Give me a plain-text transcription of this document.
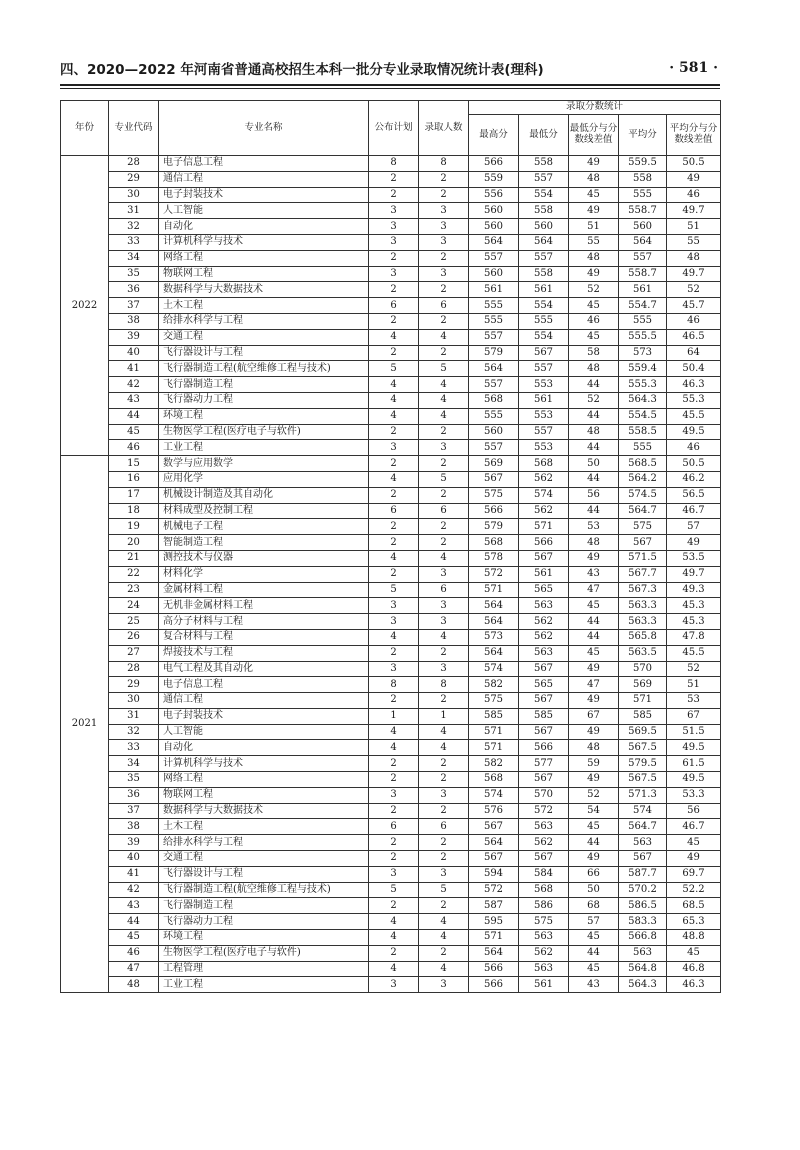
四、2020—2022 年河南省普通高校招生本科一批分专业录取情况统计表(理科)	· 581 ·
年份	专业代码	专业名称	公布计划	录取人数	录取分数统计				
					最高分	最低分	最低分与分数线差值	平均分	平均分与分数线差值
2022	28	电子信息工程	8	8	566	558	49	559.5	50.5
	29	通信工程	2	2	559	557	48	558	49
	30	电子封装技术	2	2	556	554	45	555	46
	31	人工智能	3	3	560	558	49	558.7	49.7
	32	自动化	3	3	560	560	51	560	51
	33	计算机科学与技术	3	3	564	564	55	564	55
	34	网络工程	2	2	557	557	48	557	48
	35	物联网工程	3	3	560	558	49	558.7	49.7
	36	数据科学与大数据技术	2	2	561	561	52	561	52
	37	土木工程	6	6	555	554	45	554.7	45.7
	38	给排水科学与工程	2	2	555	555	46	555	46
	39	交通工程	4	4	557	554	45	555.5	46.5
	40	飞行器设计与工程	2	2	579	567	58	573	64
	41	飞行器制造工程(航空维修工程与技术)	5	5	564	557	48	559.4	50.4
	42	飞行器制造工程	4	4	557	553	44	555.3	46.3
	43	飞行器动力工程	4	4	568	561	52	564.3	55.3
	44	环境工程	4	4	555	553	44	554.5	45.5
	45	生物医学工程(医疗电子与软件)	2	2	560	557	48	558.5	49.5
	46	工业工程	3	3	557	553	44	555	46
2021	15	数学与应用数学	2	2	569	568	50	568.5	50.5
	16	应用化学	4	5	567	562	44	564.2	46.2
	17	机械设计制造及其自动化	2	2	575	574	56	574.5	56.5
	18	材料成型及控制工程	6	6	566	562	44	564.7	46.7
	19	机械电子工程	2	2	579	571	53	575	57
	20	智能制造工程	2	2	568	566	48	567	49
	21	测控技术与仪器	4	4	578	567	49	571.5	53.5
	22	材料化学	2	3	572	561	43	567.7	49.7
	23	金属材料工程	5	6	571	565	47	567.3	49.3
	24	无机非金属材料工程	3	3	564	563	45	563.3	45.3
	25	高分子材料与工程	3	3	564	562	44	563.3	45.3
	26	复合材料与工程	4	4	573	562	44	565.8	47.8
	27	焊接技术与工程	2	2	564	563	45	563.5	45.5
	28	电气工程及其自动化	3	3	574	567	49	570	52
	29	电子信息工程	8	8	582	565	47	569	51
	30	通信工程	2	2	575	567	49	571	53
	31	电子封装技术	1	1	585	585	67	585	67
	32	人工智能	4	4	571	567	49	569.5	51.5
	33	自动化	4	4	571	566	48	567.5	49.5
	34	计算机科学与技术	2	2	582	577	59	579.5	61.5
	35	网络工程	2	2	568	567	49	567.5	49.5
	36	物联网工程	3	3	574	570	52	571.3	53.3
	37	数据科学与大数据技术	2	2	576	572	54	574	56
	38	土木工程	6	6	567	563	45	564.7	46.7
	39	给排水科学与工程	2	2	564	562	44	563	45
	40	交通工程	2	2	567	567	49	567	49
	41	飞行器设计与工程	3	3	594	584	66	587.7	69.7
	42	飞行器制造工程(航空维修工程与技术)	5	5	572	568	50	570.2	52.2
	43	飞行器制造工程	2	2	587	586	68	586.5	68.5
	44	飞行器动力工程	4	4	595	575	57	583.3	65.3
	45	环境工程	4	4	571	563	45	566.8	48.8
	46	生物医学工程(医疗电子与软件)	2	2	564	562	44	563	45
	47	工程管理	4	4	566	563	45	564.8	46.8
	48	工业工程	3	3	566	561	43	564.3	46.3
